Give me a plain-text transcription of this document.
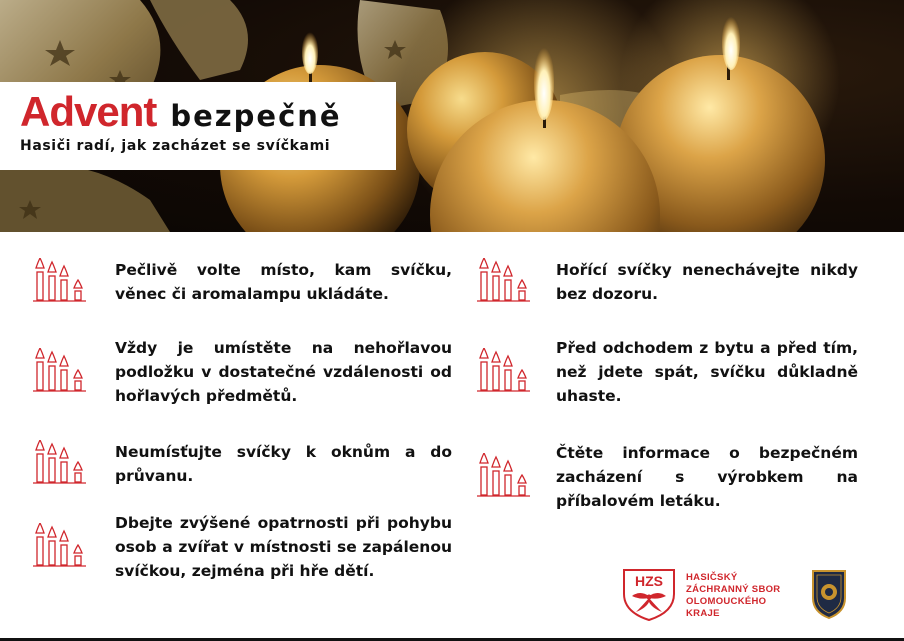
Advent bezpečně
Hasiči radí, jak zacházet se svíčkami
Pečlivě volte místo, kam svíčku, věnec či aromalampu ukládáte.
Vždy je umístěte na nehořlavou podložku v dostatečné vzdálenosti od hořlavých předmětů.
Neumísťujte svíčky k oknům a do průvanu.
Dbejte zvýšené opatrnosti při pohybu osob a zvířat v místnosti se zapálenou svíčkou, zejména při hře dětí.
Hořící svíčky nenechávejte nikdy bez dozoru.
Před odchodem z bytu a před tím, než jdete spát, svíčku důkladně uhaste.
Čtěte informace o bezpečném zacházení s výrobkem na příbalovém letáku.
HZS HASIČSKÝ
ZÁCHRANNÝ SBOR
OLOMOUCKÉHO
KRAJE
